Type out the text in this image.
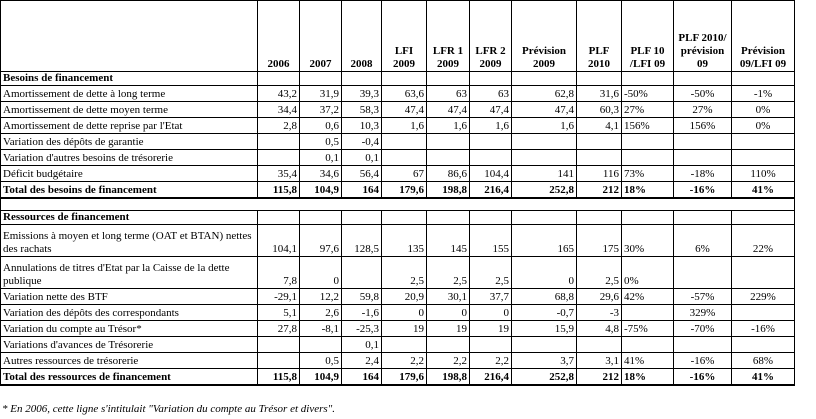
	2006	2007	2008	LFI 2009	LFR 1 2009	LFR 2 2009	Prévision 2009	PLF 2010	PLF 10 /LFI 09	PLF 2010/ prévision 09	Prévision 09/LFI 09
Besoins de financement											
Amortissement de dette à long terme	43,2	31,9	39,3	63,6	63	63	62,8	31,6	-50%	-50%	-1%
Amortissement de dette moyen terme	34,4	37,2	58,3	47,4	47,4	47,4	47,4	60,3	27%	27%	0%
Amortissement de dette reprise par l'Etat	2,8	0,6	10,3	1,6	1,6	1,6	1,6	4,1	156%	156%	0%
Variation des dépôts de garantie		0,5	-0,4								
Variation d'autres besoins de trésorerie		0,1	0,1								
Déficit budgétaire	35,4	34,6	56,4	67	86,6	104,4	141	116	73%	-18%	110%
Total des besoins de financement	115,8	104,9	164	179,6	198,8	216,4	252,8	212	18%	-16%	41%

Ressources de financement											
Emissions à moyen et long terme (OAT et BTAN) nettes des rachats	104,1	97,6	128,5	135	145	155	165	175	30%	6%	22%
Annulations de titres d'Etat par la Caisse de la dette publique	7,8	0		2,5	2,5	2,5	0	2,5	0%		
Variation nette des BTF	-29,1	12,2	59,8	20,9	30,1	37,7	68,8	29,6	42%	-57%	229%
Variation des dépôts des correspondants	5,1	2,6	-1,6	0	0	0	-0,7	-3		329%	
Variation du compte au Trésor*	27,8	-8,1	-25,3	19	19	19	15,9	4,8	-75%	-70%	-16%
Variations d'avances de Trésorerie			0,1								
Autres ressources de trésorerie		0,5	2,4	2,2	2,2	2,2	3,7	3,1	41%	-16%	68%
Total des ressources de financement	115,8	104,9	164	179,6	198,8	216,4	252,8	212	18%	-16%	41%
* En 2006, cette ligne s'intitulait "Variation du compte au Trésor et divers".
